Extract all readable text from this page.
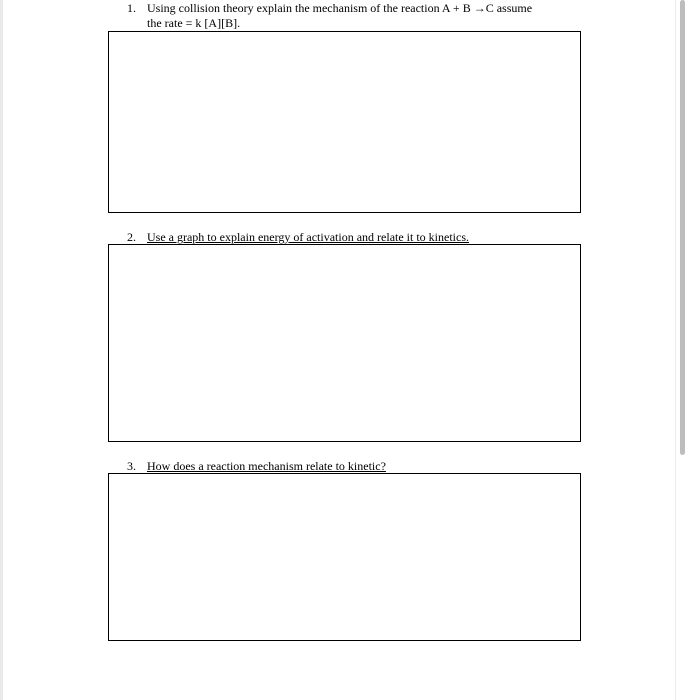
1. Using collision theory explain the mechanism of the reaction A + B →C assume
the rate = k [A][B].
2. Use a graph to explain energy of activation and relate it to kinetics.
3. How does a reaction mechanism relate to kinetic?
